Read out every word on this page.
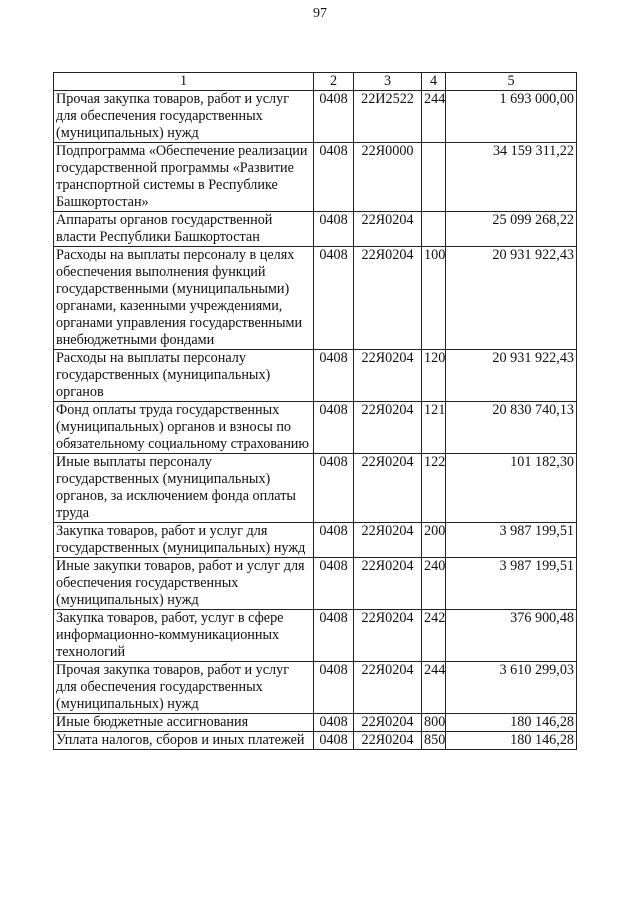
97
1	2	3	4	5
Прочая закупка товаров, работ и услуг для обеспечения государственных (муниципальных) нужд	0408	22И2522	244	1 693 000,00
Подпрограмма «Обеспечение реализации государственной программы «Развитие транспортной системы в Республике Башкортостан»	0408	22Я0000		34 159 311,22
Аппараты органов государственной власти Республики Башкортостан	0408	22Я0204		25 099 268,22
Расходы на выплаты персоналу в целях обеспечения выполнения функций государственными (муниципальными) органами, казенными учреждениями, органами управления государственными внебюджетными фондами	0408	22Я0204	100	20 931 922,43
Расходы на выплаты персоналу государственных (муниципальных) органов	0408	22Я0204	120	20 931 922,43
Фонд оплаты труда государственных (муниципальных) органов и взносы по обязательному социальному страхованию	0408	22Я0204	121	20 830 740,13
Иные выплаты персоналу государственных (муниципальных) органов, за исключением фонда оплаты труда	0408	22Я0204	122	101 182,30
Закупка товаров, работ и услуг для государственных (муниципальных) нужд	0408	22Я0204	200	3 987 199,51
Иные закупки товаров, работ и услуг для обеспечения государственных (муниципальных) нужд	0408	22Я0204	240	3 987 199,51
Закупка товаров, работ, услуг в сфере информационно-коммуникационных технологий	0408	22Я0204	242	376 900,48
Прочая закупка товаров, работ и услуг для обеспечения государственных (муниципальных) нужд	0408	22Я0204	244	3 610 299,03
Иные бюджетные ассигнования	0408	22Я0204	800	180 146,28
Уплата налогов, сборов и иных платежей	0408	22Я0204	850	180 146,28
